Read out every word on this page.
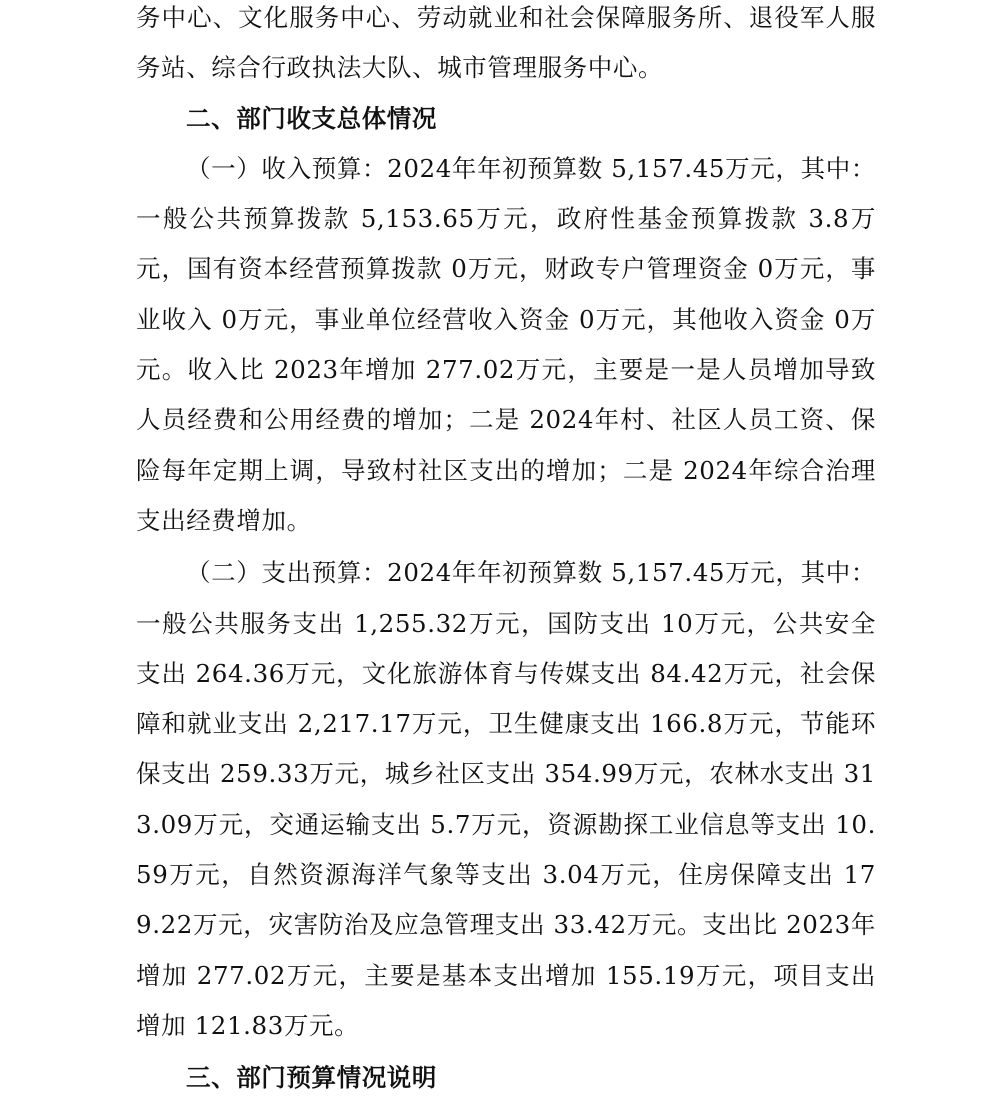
务中心、文化服务中心、劳动就业和社会保障服务所、退役军人服务站、综合行政执法大队、城市管理服务中心。

二、部门收支总体情况

（一）收入预算：2024年年初预算数 5,157.45万元，其中：一般公共预算拨款 5,153.65万元，政府性基金预算拨款 3.8万元，国有资本经营预算拨款 0万元，财政专户管理资金 0万元，事业收入 0万元，事业单位经营收入资金 0万元，其他收入资金 0万元。收入比 2023年增加 277.02万元，主要是一是人员增加导致人员经费和公用经费的增加；二是 2024年村、社区人员工资、保险每年定期上调，导致村社区支出的增加；二是 2024年综合治理支出经费增加。

（二）支出预算：2024年年初预算数 5,157.45万元，其中：一般公共服务支出 1,255.32万元，国防支出 10万元，公共安全支出 264.36万元，文化旅游体育与传媒支出 84.42万元，社会保障和就业支出 2,217.17万元，卫生健康支出 166.8万元，节能环保支出 259.33万元，城乡社区支出 354.99万元，农林水支出 313.09万元，交通运输支出 5.7万元，资源勘探工业信息等支出 10.59万元，自然资源海洋气象等支出 3.04万元，住房保障支出 179.22万元，灾害防治及应急管理支出 33.42万元。支出比 2023年增加 277.02万元，主要是基本支出增加 155.19万元，项目支出增加 121.83万元。

三、部门预算情况说明
